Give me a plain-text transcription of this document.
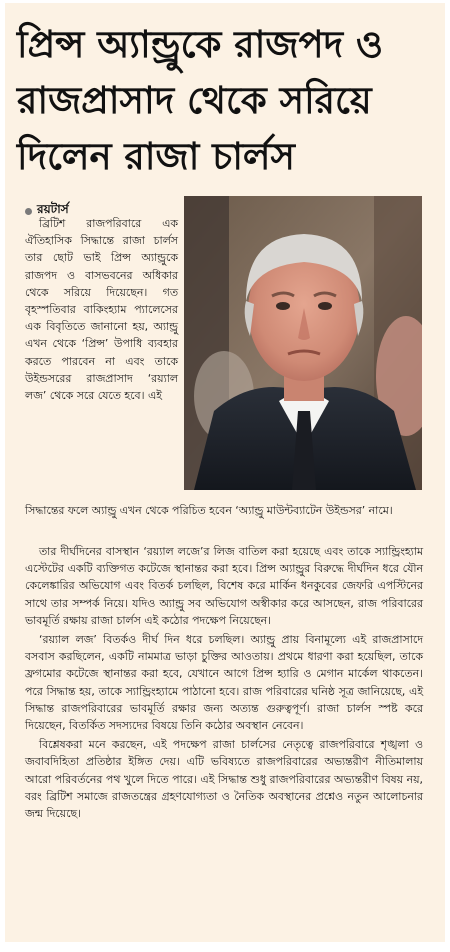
প্রিন্স অ্যান্ড্রুকে রাজপদ ও
রাজপ্রাসাদ থেকে সরিয়ে
দিলেন রাজা চার্লস
রয়টার্স

ব্রিটিশ রাজপরিবারে এক ঐতিহাসিক সিদ্ধান্তে রাজা চার্লস তার ছোট ভাই প্রিন্স অ্যান্ড্রুকে রাজপদ ও বাসভবনের অধিকার থেকে সরিয়ে দিয়েছেন। গত বৃহস্পতিবার বাকিংহ্যাম প্যালেসের এক বিবৃতিতে জানানো হয়, অ্যান্ড্রু এখন থেকে ‘প্রিন্স’ উপাধি ব্যবহার করতে পারবেন না এবং তাকে উইন্ডসরের রাজপ্রাসাদ ‘রয়্যাল লজ’ থেকে সরে যেতে হবে। এই

সিদ্ধান্তের ফলে অ্যান্ড্রু এখন থেকে পরিচিত হবেন ‘অ্যান্ড্রু মাউন্টব্যাটেন উইন্ডসর’ নামে।

তার দীর্ঘদিনের বাসস্থান ‘রয়্যাল লজে’র লিজ বাতিল করা হয়েছে এবং তাকে স্যান্ড্রিংহ্যাম এস্টেটের একটি ব্যক্তিগত কটেজে স্থানান্তর করা হবে। প্রিন্স অ্যান্ড্রুর বিরুদ্ধে দীর্ঘদিন ধরে যৌন কেলেঙ্কারির অভিযোগ এবং বিতর্ক চলছিল, বিশেষ করে মার্কিন ধনকুবের জেফরি এপস্টিনের সাথে তার সম্পর্ক নিয়ে। যদিও অ্যান্ড্রু সব অভিযোগ অস্বীকার করে আসছেন, রাজ পরিবারের ভাবমূর্তি রক্ষায় রাজা চার্লস এই কঠোর পদক্ষেপ নিয়েছেন।

‘রয়্যাল লজ’ বিতর্কও দীর্ঘ দিন ধরে চলছিল। অ্যান্ড্রু প্রায় বিনামূল্যে এই রাজপ্রাসাদে বসবাস করছিলেন, একটি নামমাত্র ভাড়া চুক্তির আওতায়। প্রথমে ধারণা করা হয়েছিল, তাকে ফ্রগমোর কটেজে স্থানান্তর করা হবে, যেখানে আগে প্রিন্স হ্যারি ও মেগান মার্কেল থাকতেন। পরে সিদ্ধান্ত হয়, তাকে স্যান্ড্রিংহ্যামে পাঠানো হবে। রাজ পরিবারের ঘনিষ্ঠ সূত্র জানিয়েছে, এই সিদ্ধান্ত রাজপরিবারের ভাবমূর্তি রক্ষার জন্য অত্যন্ত গুরুত্বপূর্ণ। রাজা চার্লস স্পষ্ট করে দিয়েছেন, বিতর্কিত সদস্যদের বিষয়ে তিনি কঠোর অবস্থান নেবেন।

বিশ্লেষকরা মনে করছেন, এই পদক্ষেপ রাজা চার্লসের নেতৃত্বে রাজপরিবারে শৃঙ্খলা ও জবাবদিহিতা প্রতিষ্ঠার ইঙ্গিত দেয়। এটি ভবিষ্যতে রাজপরিবারের অভ্যন্তরীণ নীতিমালায় আরো পরিবর্তনের পথ খুলে দিতে পারে। এই সিদ্ধান্ত শুধু রাজপরিবারের অভ্যন্তরীণ বিষয় নয়, বরং ব্রিটিশ সমাজে রাজতন্ত্রের গ্রহণযোগ্যতা ও নৈতিক অবস্থানের প্রশ্নেও নতুন আলোচনার জন্ম দিয়েছে।
